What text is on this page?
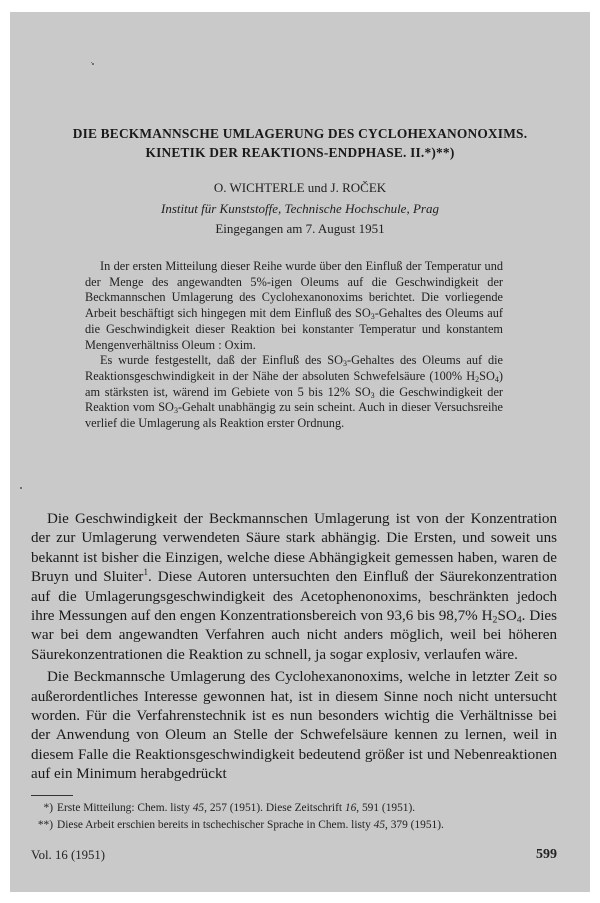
DIE BECKMANNSCHE UMLAGERUNG DES CYCLOHEXANONOXIMS.
KINETIK DER REAKTIONS-ENDPHASE. II.*)**)
O. WICHTERLE und J. ROČEK
Institut für Kunststoffe, Technische Hochschule, Prag
Eingegangen am 7. August 1951

In der ersten Mitteilung dieser Reihe wurde über den Einfluß der Temperatur und der Menge des angewandten 5%-igen Oleums auf die Geschwindigkeit der Beckmannschen Umlagerung des Cyclohexanonoxims berichtet. Die vorliegende Arbeit beschäftigt sich hingegen mit dem Einfluß des $SO_3$-Gehaltes des Oleums auf die Geschwindigkeit dieser Reaktion bei konstanter Temperatur und konstantem Mengenverhältniss Oleum : Oxim.

Es wurde festgestellt, daß der Einfluß des $SO_3$-Gehaltes des Oleums auf die Reaktionsgeschwindigkeit in der Nähe der absoluten Schwefelsäure (100% $H_2SO_4$) am stärksten ist, wärend im Gebiete von 5 bis 12% $SO_3$ die Geschwindigkeit der Reaktion vom $SO_3$-Gehalt unabhängig zu sein scheint. Auch in dieser Versuchsreihe verlief die Umlagerung als Reaktion erster Ordnung.

Die Geschwindigkeit der Beckmannschen Umlagerung ist von der Konzentration der zur Umlagerung verwendeten Säure stark abhängig. Die Ersten, und soweit uns bekannt ist bisher die Einzigen, welche diese Abhängigkeit gemessen haben, waren de Bruyn und Sluiter$^1$. Diese Autoren untersuchten den Einfluß der Säurekonzentration auf die Umlagerungsgeschwindigkeit des Acetophenonoxims, beschränkten jedoch ihre Messungen auf den engen Konzentrationsbereich von 93,6 bis 98,7% $H_2SO_4$. Dies war bei dem angewandten Verfahren auch nicht anders möglich, weil bei höheren Säurekonzentrationen die Reaktion zu schnell, ja sogar explosiv, verlaufen wäre.

Die Beckmannsche Umlagerung des Cyclohexanonoxims, welche in letzter Zeit so außerordentliches Interesse gewonnen hat, ist in diesem Sinne noch nicht untersucht worden. Für die Verfahrenstechnik ist es nun besonders wichtig die Verhältnisse bei der Anwendung von Oleum an Stelle der Schwefelsäure kennen zu lernen, weil in diesem Falle die Reaktionsgeschwindigkeit bedeutend größer ist und Nebenreaktionen auf ein Minimum herabgedrückt

*) Erste Mitteilung: Chem. listy 45, 257 (1951). Diese Zeitschrift 16, 591 (1951).
**) Diese Arbeit erschien bereits in tschechischer Sprache in Chem. listy 45, 379 (1951).
Vol. 16 (1951)	599
